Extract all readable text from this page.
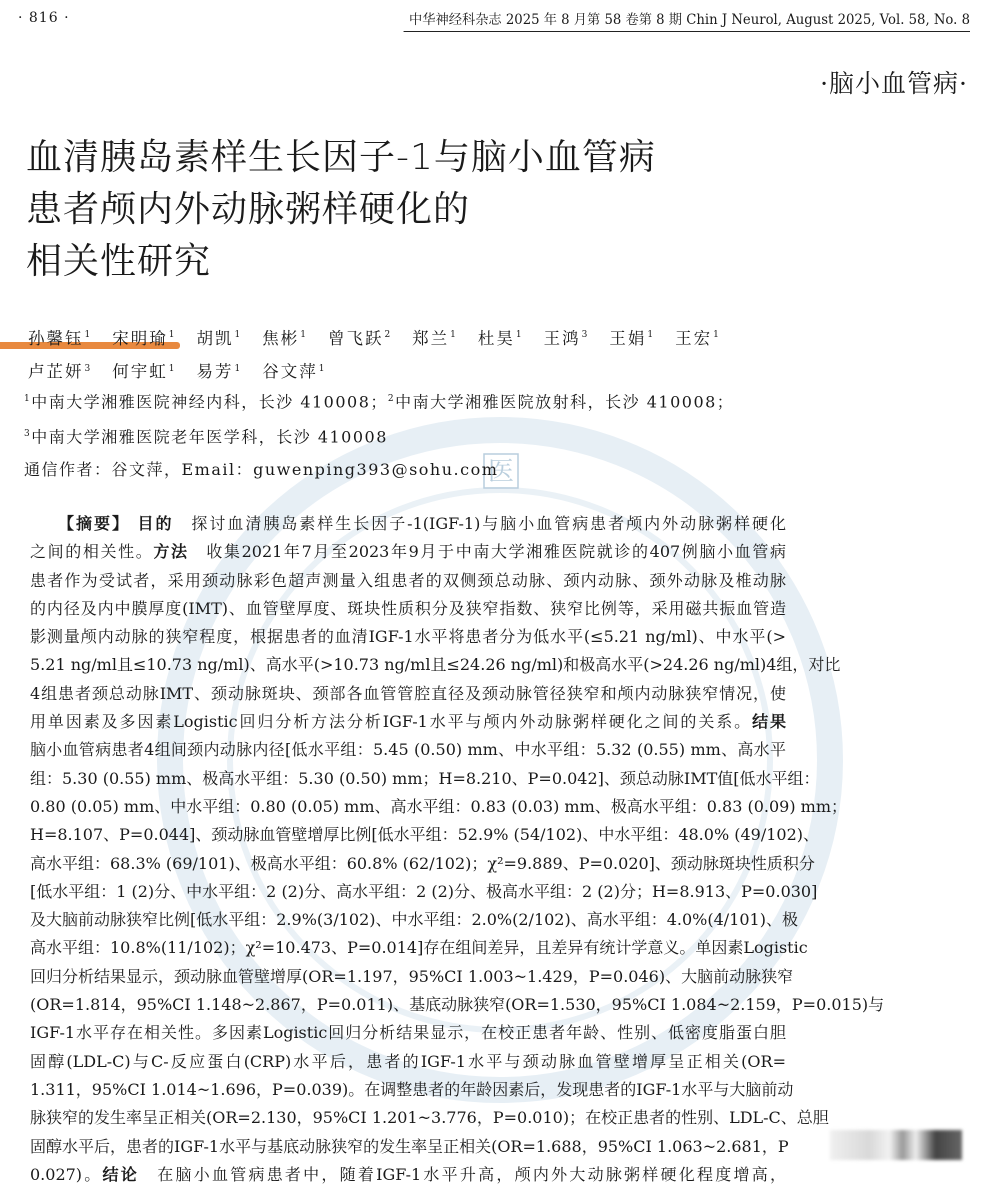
医
· 816 ·	中华神经科杂志 2025 年 8 月第 58 卷第 8 期 Chin J Neurol, August 2025, Vol. 58, No. 8
·脑小血管病·
血清胰岛素样生长因子-1与脑小血管病
患者颅内外动脉粥样硬化的
相关性研究
孙馨钰$^1$ 宋明瑜$^1$ 胡凯$^1$ 焦彬$^1$ 曾飞跃$^2$ 郑兰$^1$ 杜昊$^1$ 王鸿$^3$ 王娟$^1$ 王宏$^1$
卢芷妍$^3$ 何宇虹$^1$ 易芳$^1$ 谷文萍$^1$
$^1$中南大学湘雅医院神经内科，长沙 410008；$^2$中南大学湘雅医院放射科，长沙 410008；
$^3$中南大学湘雅医院老年医学科，长沙 410008
通信作者：谷文萍，Email：guwenping393@sohu.com
【摘要】 目的　探讨血清胰岛素样生长因子-1(IGF-1)与脑小血管病患者颅内外动脉粥样硬化
之间的相关性。方法　收集2021年7月至2023年9月于中南大学湘雅医院就诊的407例脑小血管病
患者作为受试者，采用颈动脉彩色超声测量入组患者的双侧颈总动脉、颈内动脉、颈外动脉及椎动脉
的内径及内中膜厚度(IMT)、血管壁厚度、斑块性质积分及狭窄指数、狭窄比例等，采用磁共振血管造
影测量颅内动脉的狭窄程度，根据患者的血清IGF-1水平将患者分为低水平(≤5.21 ng/ml)、中水平(>
5.21 ng/ml且≤10.73 ng/ml)、高水平(>10.73 ng/ml且≤24.26 ng/ml)和极高水平(>24.26 ng/ml)4组，对比
4组患者颈总动脉IMT、颈动脉斑块、颈部各血管管腔直径及颈动脉管径狭窄和颅内动脉狭窄情况，使
用单因素及多因素Logistic回归分析方法分析IGF-1水平与颅内外动脉粥样硬化之间的关系。结果
脑小血管病患者4组间颈内动脉内径[低水平组：5.45 (0.50) mm、中水平组：5.32 (0.55) mm、高水平
组：5.30 (0.55) mm、极高水平组：5.30 (0.50) mm；H=8.210、P=0.042]、颈总动脉IMT值[低水平组：
0.80 (0.05) mm、中水平组：0.80 (0.05) mm、高水平组：0.83 (0.03) mm、极高水平组：0.83 (0.09) mm；
H=8.107、P=0.044]、颈动脉血管壁增厚比例[低水平组：52.9% (54/102)、中水平组：48.0% (49/102)、
高水平组：68.3% (69/101)、极高水平组：60.8% (62/102)；χ²=9.889、P=0.020]、颈动脉斑块性质积分
[低水平组：1 (2)分、中水平组：2 (2)分、高水平组：2 (2)分、极高水平组：2 (2)分；H=8.913、P=0.030]
及大脑前动脉狭窄比例[低水平组：2.9%(3/102)、中水平组：2.0%(2/102)、高水平组：4.0%(4/101)、极
高水平组：10.8%(11/102)；χ²=10.473、P=0.014]存在组间差异，且差异有统计学意义。单因素Logistic
回归分析结果显示，颈动脉血管壁增厚(OR=1.197，95%CI 1.003~1.429，P=0.046)、大脑前动脉狭窄
(OR=1.814，95%CI 1.148~2.867，P=0.011)、基底动脉狭窄(OR=1.530，95%CI 1.084~2.159，P=0.015)与
IGF-1水平存在相关性。多因素Logistic回归分析结果显示，在校正患者年龄、性别、低密度脂蛋白胆
固醇(LDL-C)与C-反应蛋白(CRP)水平后，患者的IGF-1水平与颈动脉血管壁增厚呈正相关(OR=
1.311，95%CI 1.014~1.696，P=0.039)。在调整患者的年龄因素后，发现患者的IGF-1水平与大脑前动
脉狭窄的发生率呈正相关(OR=2.130，95%CI 1.201~3.776，P=0.010)；在校正患者的性别、LDL-C、总胆
固醇水平后，患者的IGF-1水平与基底动脉狭窄的发生率呈正相关(OR=1.688，95%CI 1.063~2.681，P
0.027)。结论　在脑小血管病患者中，随着IGF-1水平升高，颅内外大动脉粥样硬化程度增高，
